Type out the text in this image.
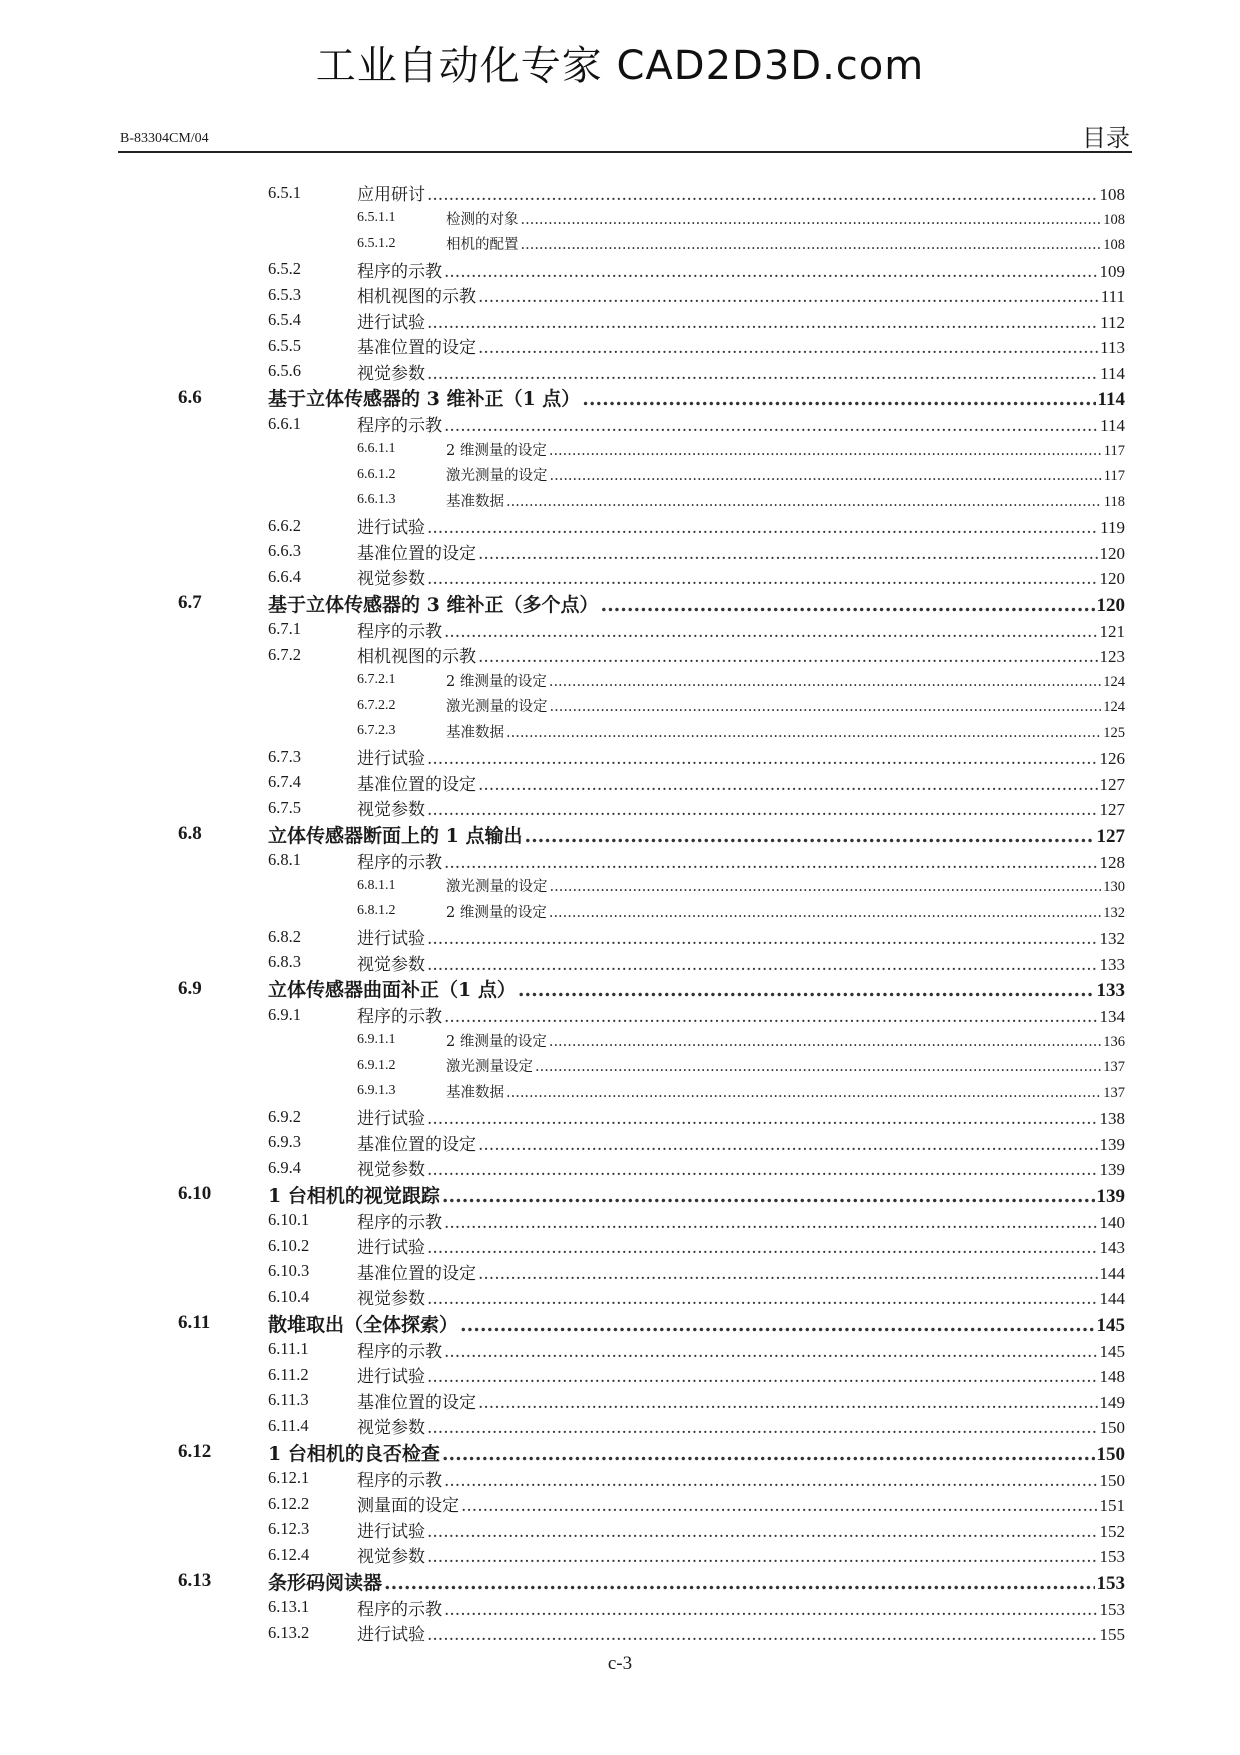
工业自动化专家 CAD2D3D.com
B-83304CM/04	目录
6.5.1	应用研讨 .....	108
6.5.1.1	检测的对象 .....	108
6.5.1.2	相机的配置 .....	108
6.5.2	程序的示教 .....	109
6.5.3	相机视图的示教 .....	111
6.5.4	进行试验 .....	112
6.5.5	基准位置的设定 .....	113
6.5.6	视觉参数 .....	114
6.6	基于立体传感器的 3 维补正（1 点） .....	114
6.6.1	程序的示教 .....	114
6.6.1.1	2 维测量的设定 .....	117
6.6.1.2	激光测量的设定 .....	117
6.6.1.3	基准数据 .....	118
6.6.2	进行试验 .....	119
6.6.3	基准位置的设定 .....	120
6.6.4	视觉参数 .....	120
6.7	基于立体传感器的 3 维补正（多个点） .....	120
6.7.1	程序的示教 .....	121
6.7.2	相机视图的示教 .....	123
6.7.2.1	2 维测量的设定 .....	124
6.7.2.2	激光测量的设定 .....	124
6.7.2.3	基准数据 .....	125
6.7.3	进行试验 .....	126
6.7.4	基准位置的设定 .....	127
6.7.5	视觉参数 .....	127
6.8	立体传感器断面上的 1 点输出 .....	127
6.8.1	程序的示教 .....	128
6.8.1.1	激光测量的设定 .....	130
6.8.1.2	2 维测量的设定 .....	132
6.8.2	进行试验 .....	132
6.8.3	视觉参数 .....	133
6.9	立体传感器曲面补正（1 点） .....	133
6.9.1	程序的示教 .....	134
6.9.1.1	2 维测量的设定 .....	136
6.9.1.2	激光测量设定 .....	137
6.9.1.3	基准数据 .....	137
6.9.2	进行试验 .....	138
6.9.3	基准位置的设定 .....	139
6.9.4	视觉参数 .....	139
6.10	1 台相机的视觉跟踪 .....	139
6.10.1	程序的示教 .....	140
6.10.2	进行试验 .....	143
6.10.3	基准位置的设定 .....	144
6.10.4	视觉参数 .....	144
6.11	散堆取出（全体探索） .....	145
6.11.1	程序的示教 .....	145
6.11.2	进行试验 .....	148
6.11.3	基准位置的设定 .....	149
6.11.4	视觉参数 .....	150
6.12	1 台相机的良否检查 .....	150
6.12.1	程序的示教 .....	150
6.12.2	测量面的设定 .....	151
6.12.3	进行试验 .....	152
6.12.4	视觉参数 .....	153
6.13	条形码阅读器 .....	153
6.13.1	程序的示教 .....	153
6.13.2	进行试验 .....	155
c-3
